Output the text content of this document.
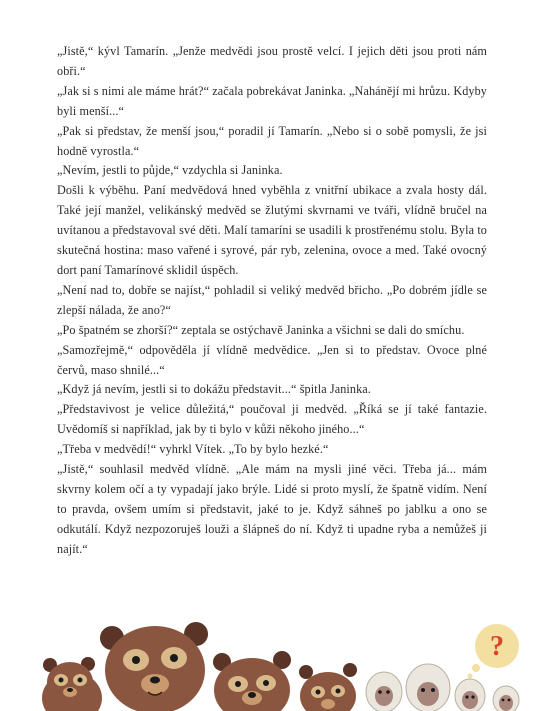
„Jistě,“ kývl Tamarín. „Jenže medvědi jsou prostě velcí. I jejich děti jsou proti nám obři.“

„Jak si s nimi ale máme hrát?“ začala pobrekávat Janinka. „Nahánějí mi hrůzu. Kdyby byli menší...“

„Pak si představ, že menší jsou,“ poradil jí Tamarín. „Nebo si o sobě pomysli, že jsi hodně vyrostla.“

„Nevím, jestli to půjde,“ vzdychla si Janinka.

Došli k výběhu. Paní medvědová hned vyběhla z vnitřní ubikace a zvala hosty dál. Také její manžel, velikánský medvěd se žlutými skvrnami ve tváři, vlídně bručel na uvítanou a představoval své děti. Malí tamaríni se usadili k prostřenému stolu. Byla to skutečná hostina: maso vařené i syrové, pár ryb, zelenina, ovoce a med. Také ovocný dort paní Tamarínové sklidil úspěch.

„Není nad to, dobře se najíst,“ pohladil si veliký medvěd břicho. „Po dobrém jídle se zlepší nálada, že ano?“

„Po špatném se zhorší?“ zeptala se ostýchavě Janinka a všichni se dali do smíchu.

„Samozřejmě,“ odpověděla jí vlídně medvědice. „Jen si to představ. Ovoce plné červů, maso shnilé...“

„Když já nevím, jestli si to dokážu představit...“ špitla Janinka.

„Představivost je velice důležitá,“ poučoval ji medvěd. „Říká se jí také fantazie. Uvědomíš si například, jak by ti bylo v kůži někoho jiného...“

„Třeba v medvědí!“ vyhrkl Vítek. „To by bylo hezké.“

„Jistě,“ souhlasil medvěd vlídně. „Ale mám na mysli jiné věci. Třeba já... mám skvrny kolem očí a ty vypadají jako brýle. Lidé si proto myslí, že špatně vidím. Není to pravda, ovšem umím si představit, jaké to je. Když sáhneš po jablku a ono se odkutálí. Když nezpozoruješ louži a šlápneš do ní. Když ti upadne ryba a nemůžeš ji najít.“

?
